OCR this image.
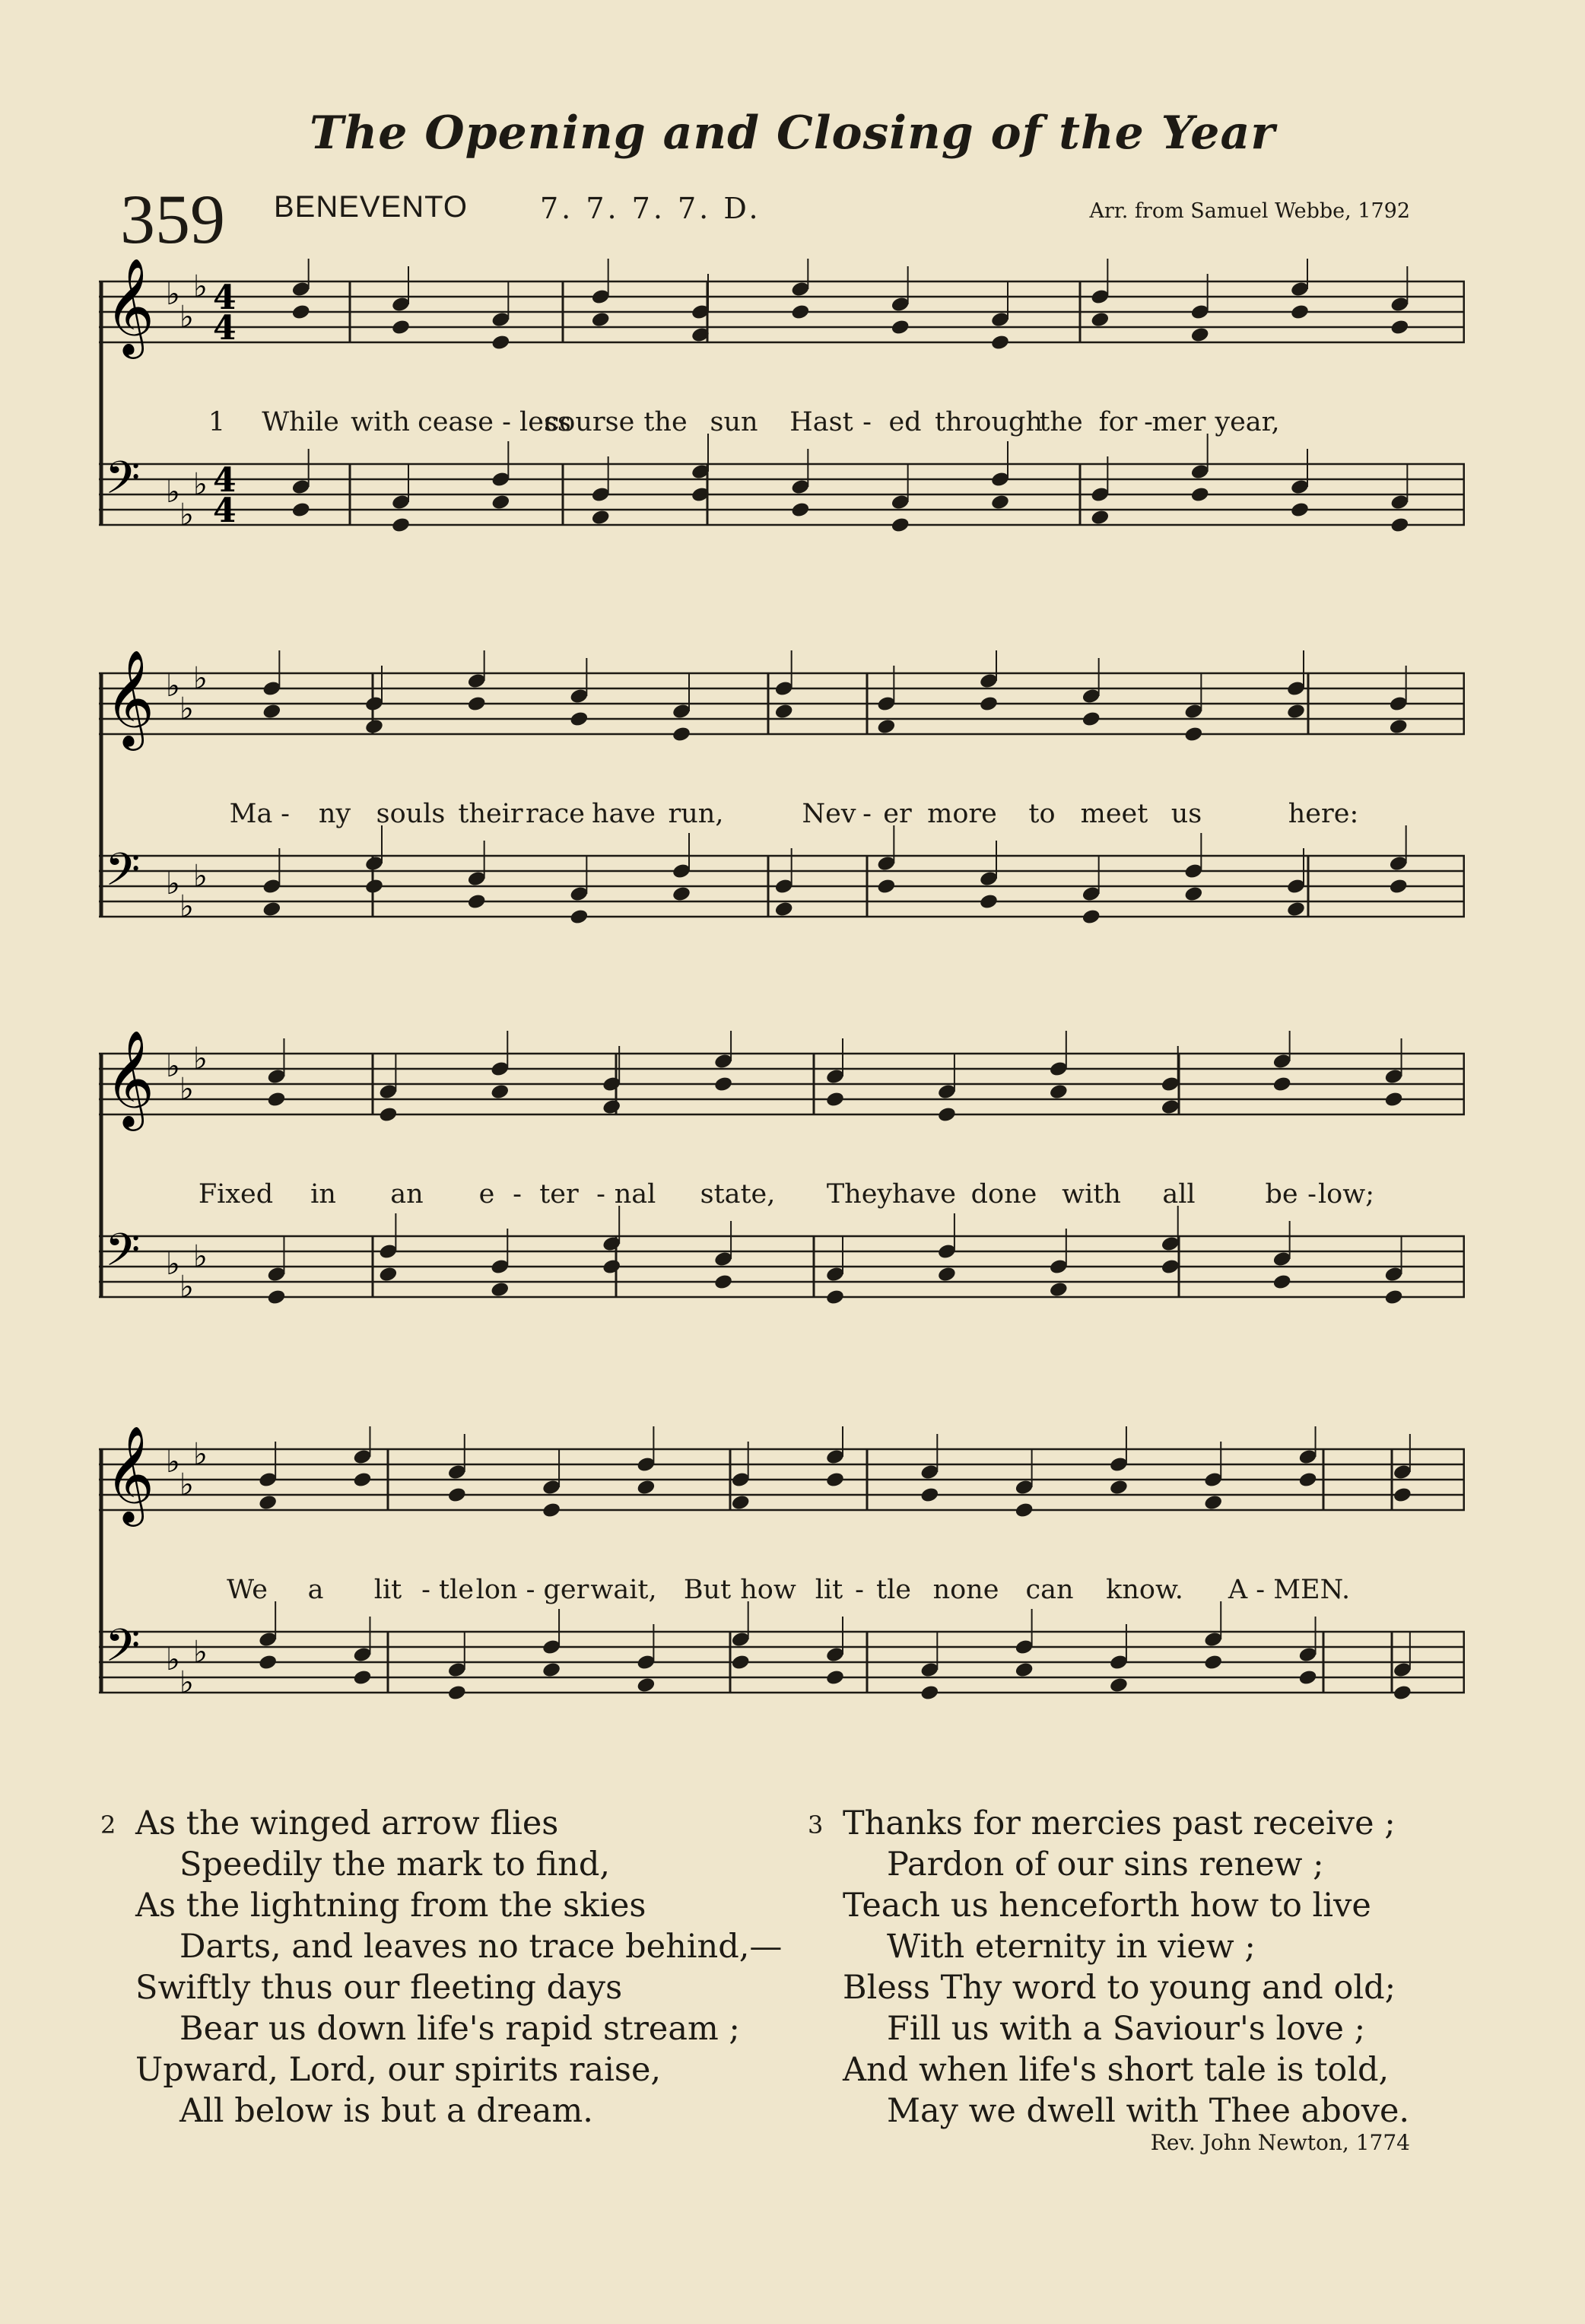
The Opening and Closing of the Year
359 BENEVENTO	7. 7. 7. 7. D.	Arr. from Samuel Webbe, 1792
𝄞 ♭
♭
♭ 4
4
𝄢 ♭
♭
♭ 4
4
1 While with cease - less
course the sun Hast - ed through
the for -
mer year,
𝄞 ♭
♭
♭
𝄢 ♭
♭
♭
Ma - ny souls their race have run,	Nev - er more to meet us	here:
𝄞 ♭
♭
♭
𝄢 ♭
♭
♭
Fixed in an e - ter - nal state, They have done with all	be - low;
𝄞 ♭
♭
♭
𝄢 ♭
♭
♭
We a lit - tle lon - ger wait, But how lit - tle none can know. A - MEN.
2 As the winged arrow flies
Speedily the mark to find,
As the lightning from the skies
Darts, and leaves no trace behind,—
Swiftly thus our fleeting days
Bear us down life's rapid stream ;
Upward, Lord, our spirits raise,
All below is but a dream.
3 Thanks for mercies past receive ;
Pardon of our sins renew ;
Teach us henceforth how to live
With eternity in view ;
Bless Thy word to young and old;
Fill us with a Saviour's love ;
And when life's short tale is told,
May we dwell with Thee above.
Rev. John Newton, 1774
